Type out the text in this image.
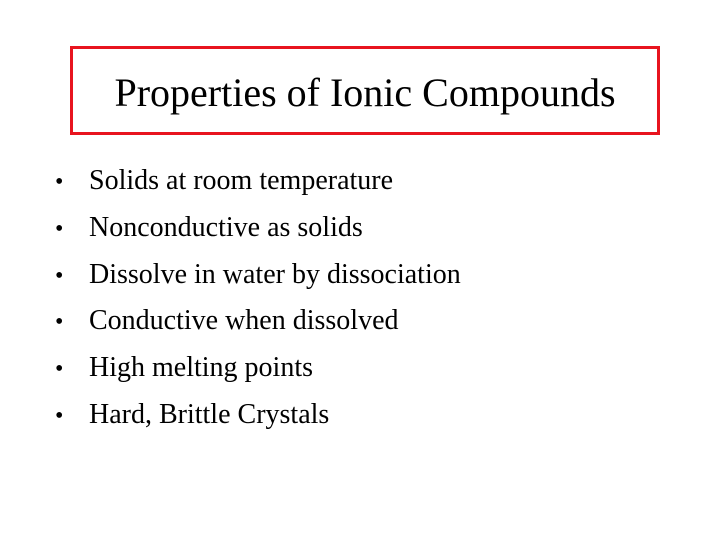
Properties of Ionic Compounds
• Solids at room temperature
• Nonconductive as solids
• Dissolve in water by dissociation
• Conductive when dissolved
• High melting points
• Hard, Brittle Crystals
